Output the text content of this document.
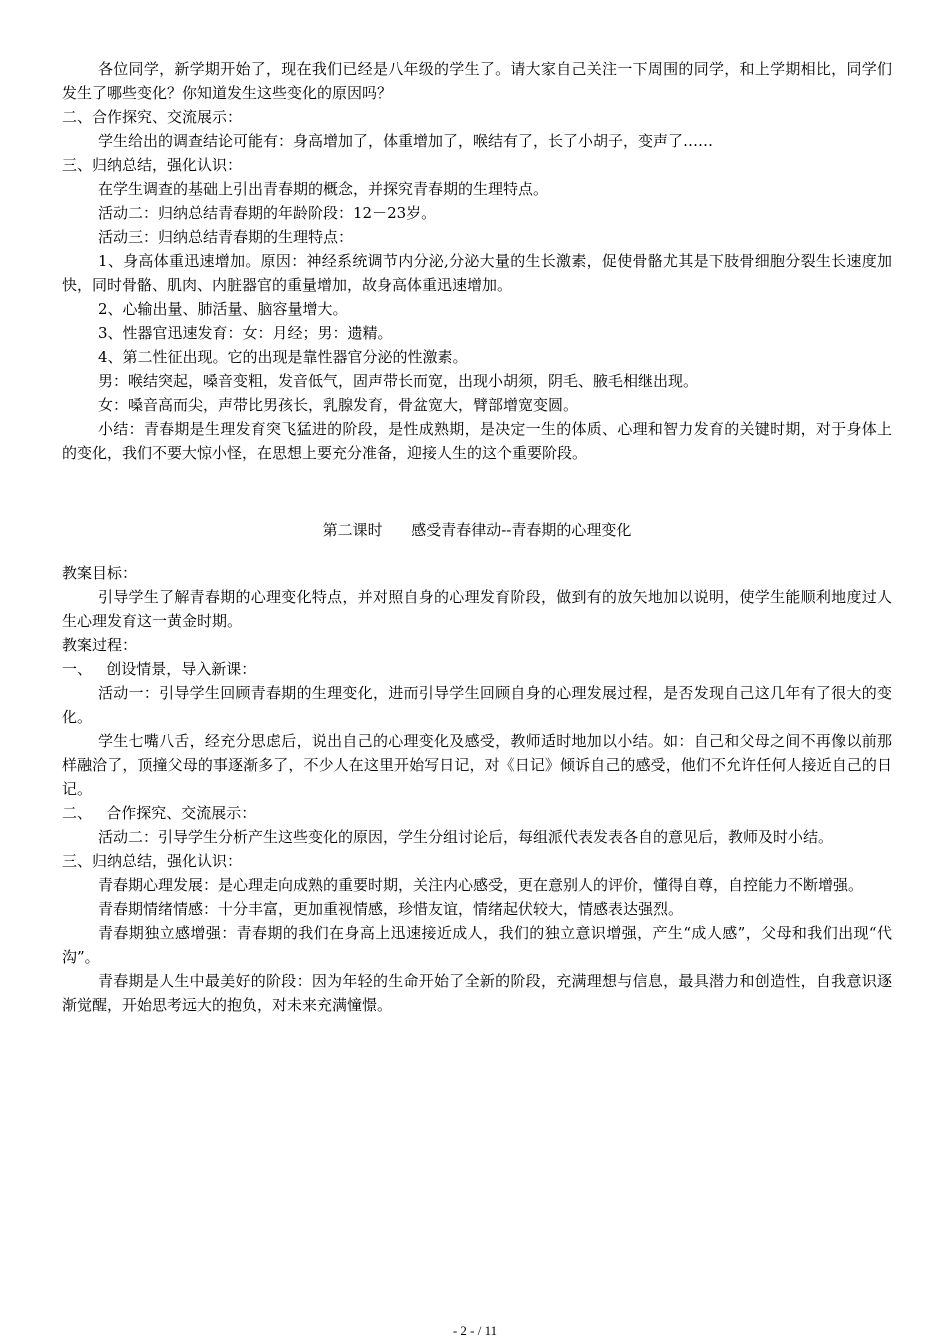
各位同学，新学期开始了，现在我们已经是八年级的学生了。请大家自己关注一下周围的同学，和上学期相比，同学们发生了哪些变化？你知道发生这些变化的原因吗？

二、合作探究、交流展示：

学生给出的调查结论可能有：身高增加了，体重增加了，喉结有了，长了小胡子，变声了……

三、归纳总结，强化认识：

在学生调查的基础上引出青春期的概念，并探究青春期的生理特点。

活动二：归纳总结青春期的年龄阶段：12－23岁。

活动三：归纳总结青春期的生理特点：

1、身高体重迅速增加。原因：神经系统调节内分泌,分泌大量的生长激素，促使骨骼尤其是下肢骨细胞分裂生长速度加快，同时骨骼、肌肉、内脏器官的重量增加，故身高体重迅速增加。

2、心输出量、肺活量、脑容量增大。

3、性器官迅速发育：女：月经；男：遗精。

4、第二性征出现。它的出现是靠性器官分泌的性激素。

男：喉结突起，嗓音变粗，发音低气，固声带长而宽，出现小胡须，阴毛、腋毛相继出现。

女：嗓音高而尖，声带比男孩长，乳腺发育，骨盆宽大，臂部增宽变圆。

小结：青春期是生理发育突飞猛进的阶段，是性成熟期，是决定一生的体质、心理和智力发育的关键时期，对于身体上的变化，我们不要大惊小怪，在思想上要充分准备，迎接人生的这个重要阶段。

第二课时      感受青春律动--青春期的心理变化

教案目标：

引导学生了解青春期的心理变化特点，并对照自身的心理发育阶段，做到有的放矢地加以说明，使学生能顺利地度过人生心理发育这一黄金时期。

教案过程：

一、   创设情景，导入新课：

活动一：引导学生回顾青春期的生理变化，进而引导学生回顾自身的心理发展过程，是否发现自己这几年有了很大的变化。

学生七嘴八舌，经充分思虑后，说出自己的心理变化及感受，教师适时地加以小结。如：自己和父母之间不再像以前那样融洽了，顶撞父母的事逐渐多了，不少人在这里开始写日记，对《日记》倾诉自己的感受，他们不允许任何人接近自己的日记。

二、   合作探究、交流展示：

活动二：引导学生分析产生这些变化的原因，学生分组讨论后，每组派代表发表各自的意见后，教师及时小结。

三、归纳总结，强化认识：

青春期心理发展：是心理走向成熟的重要时期，关注内心感受，更在意别人的评价，懂得自尊，自控能力不断增强。

青春期情绪情感：十分丰富，更加重视情感，珍惜友谊，情绪起伏较大，情感表达强烈。

青春期独立感增强：青春期的我们在身高上迅速接近成人，我们的独立意识增强，产生“成人感”，父母和我们出现“代沟”。

青春期是人生中最美好的阶段：因为年轻的生命开始了全新的阶段，充满理想与信息，最具潜力和创造性，自我意识逐渐觉醒，开始思考远大的抱负，对未来充满憧憬。

- 2 - / 11
